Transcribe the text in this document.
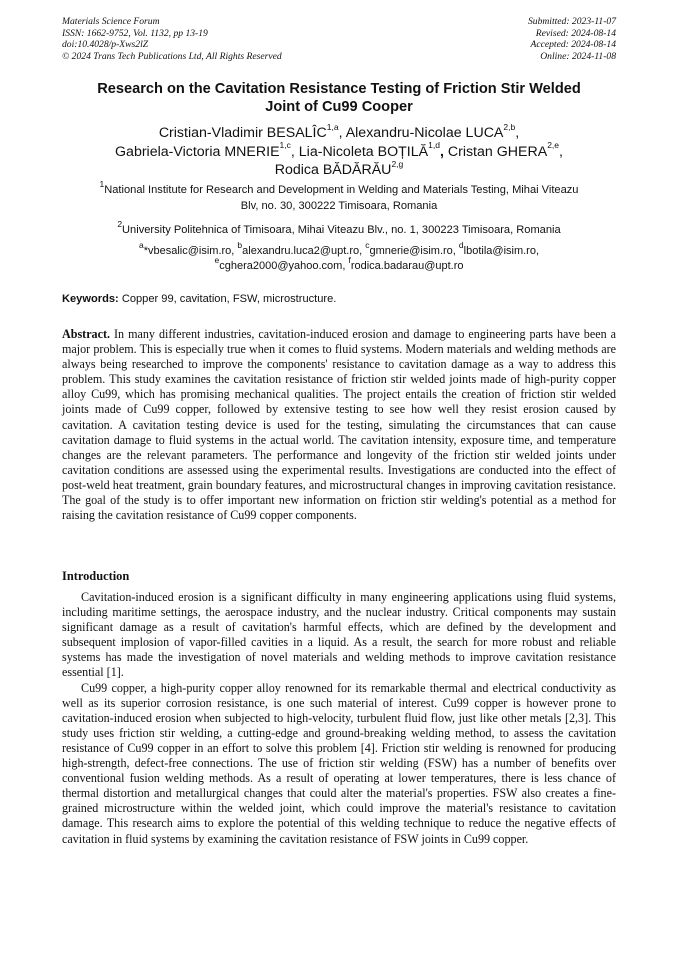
Materials Science Forum
ISSN: 1662-9752, Vol. 1132, pp 13-19
doi:10.4028/p-Xws2lZ
© 2024 Trans Tech Publications Ltd, All Rights Reserved
Submitted: 2023-11-07
Revised: 2024-08-14
Accepted: 2024-08-14
Online: 2024-11-08
Research on the Cavitation Resistance Testing of Friction Stir Welded
Joint of Cu99 Cooper
Cristian-Vladimir BESALÎC$^{1,a}$, Alexandru-Nicolae LUCA$^{2,b}$,
Gabriela-Victoria MNERIE$^{1,c}$, Lia-Nicoleta BOȚILĂ$^{1,d}$, Cristan GHERA$^{2,e}$,
Rodica BĂDĂRĂU$^{2,g}$
$^1$National Institute for Research and Development in Welding and Materials Testing, Mihai Viteazu
Blv, no. 30, 300222 Timisoara, Romania
$^2$University Politehnica of Timisoara, Mihai Viteazu Blv., no. 1, 300223 Timisoara, Romania
$^a$*vbesalic@isim.ro, $^b$alexandru.luca2@upt.ro, $^c$gmnerie@isim.ro, $^d$lbotila@isim.ro,
$^e$cghera2000@yahoo.com, $^f$rodica.badarau@upt.ro
Keywords: Copper 99, cavitation, FSW, microstructure.

Abstract. In many different industries, cavitation-induced erosion and damage to engineering parts have been a major problem. This is especially true when it comes to fluid systems. Modern materials and welding methods are always being researched to improve the components' resistance to cavitation damage as a way to address this problem. This study examines the cavitation resistance of friction stir welded joints made of high-purity copper alloy Cu99, which has promising mechanical qualities. The project entails the creation of friction stir welded joints made of Cu99 copper, followed by extensive testing to see how well they resist erosion caused by cavitation. A cavitation testing device is used for the testing, simulating the circumstances that can cause cavitation damage to fluid systems in the actual world. The cavitation intensity, exposure time, and temperature changes are the relevant parameters. The performance and longevity of the friction stir welded joints under cavitation conditions are assessed using the experimental results. Investigations are conducted into the effect of post-weld heat treatment, grain boundary features, and microstructural changes in improving cavitation resistance. The goal of the study is to offer important new information on friction stir welding's potential as a method for raising the cavitation resistance of Cu99 copper components.

Introduction

Cavitation-induced erosion is a significant difficulty in many engineering applications using fluid systems, including maritime settings, the aerospace industry, and the nuclear industry. Critical components may sustain significant damage as a result of cavitation's harmful effects, which are defined by the development and subsequent implosion of vapor-filled cavities in a liquid. As a result, the search for more robust and reliable systems has made the investigation of novel materials and welding methods to improve cavitation resistance essential [1].

Cu99 copper, a high-purity copper alloy renowned for its remarkable thermal and electrical conductivity as well as its superior corrosion resistance, is one such material of interest. Cu99 copper is however prone to cavitation-induced erosion when subjected to high-velocity, turbulent fluid flow, just like other metals [2,3]. This study uses friction stir welding, a cutting-edge and ground-breaking welding method, to assess the cavitation resistance of Cu99 copper in an effort to solve this problem [4]. Friction stir welding is renowned for producing high-strength, defect-free connections. The use of friction stir welding (FSW) has a number of benefits over conventional fusion welding methods. As a result of operating at lower temperatures, there is less chance of thermal distortion and metallurgical changes that could alter the material's properties. FSW also creates a fine-grained microstructure within the welded joint, which could improve the material's resistance to cavitation damage. This research aims to explore the potential of this welding technique to reduce the negative effects of cavitation in fluid systems by examining the cavitation resistance of FSW joints in Cu99 copper.
